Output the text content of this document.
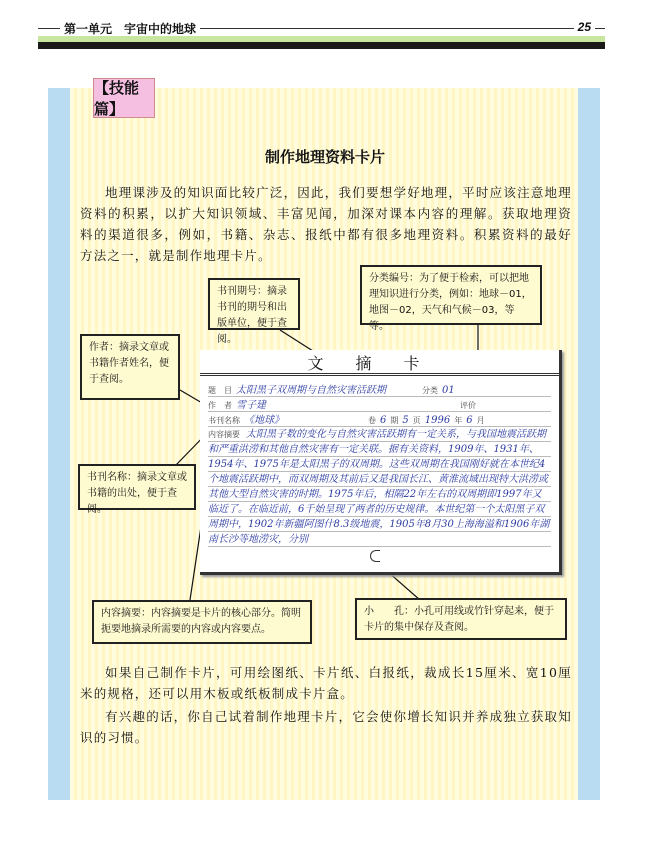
第一单元　宇宙中的地球	25
【技能篇】
制作地理资料卡片
地理课涉及的知识面比较广泛，因此，我们要想学好地理，平时应该注意地理资料的积累，以扩大知识领域、丰富见闻，加深对课本内容的理解。获取地理资料的渠道很多，例如，书籍、杂志、报纸中都有很多地理资料。积累资料的最好方法之一，就是制作地理卡片。
文摘卡
题　目 太阳黑子双周期与自然灾害活跃期	分类 01
作　者 雪子建	评价
书刊名称 《地球》	卷 6 期 5 页 1996 年 6 月
内容摘要 太阳黑子数的变化与自然灾害活跃期有一定关系，与我国地震活跃期和严重洪涝和其他自然灾害有一定关联。据有关资料，1909年、1931年、1954年、1975年是太阳黑子的双周期。这些双周期在我国刚好就在本世纪4个地震活跃期中，而双周期及其前后又是我国长江、黄淮流域出现特大洪涝或其他大型自然灾害的时期。1975年后，相隔22年左右的双周期即1997年又临近了。在临近前，6千始呈现了两者的历史规律。本世纪第一个太阳黑子双周期中，1902年新疆阿图什8.3级地震，1905年8月30上海海溢和1906年湖南长沙等地涝灾，分别
书刊期号：摘录书刊的期号和出版单位，便于查阅。
分类编号：为了便于检索，可以把地理知识进行分类，例如：地球－01，地图－02，天气和气候－03，等等。
作者：摘录文章或书籍作者姓名，便于查阅。
书刊名称：摘录文章或书籍的出处，便于查阅。
内容摘要：内容摘要是卡片的核心部分。简明扼要地摘录所需要的内容或内容要点。
小　　孔：小孔可用线或竹针穿起来，便于卡片的集中保存及查阅。
如果自己制作卡片，可用绘图纸、卡片纸、白报纸，裁成长15厘米、宽10厘米的规格，还可以用木板或纸板制成卡片盒。
有兴趣的话，你自己试着制作地理卡片，它会使你增长知识并养成独立获取知识的习惯。
